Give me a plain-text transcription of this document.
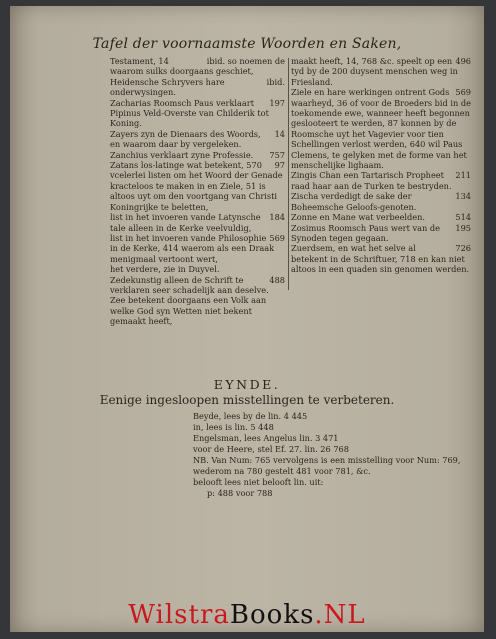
Tafel der voornaamste Woorden en Saken,
ibid. so noemen de
Testament, 14 waarom sulks doorgaans geschiet,
ibid.
Heidensche Schryvers hare onderwysingen.
197
Zacharias Roomsch Paus verklaart Pipinus Veld-Overste van Childerik tot Koning.
14
Zayers zyn de Dienaars des Woords, en waarom daar by vergeleken.
757
Zanchius verklaart zyne Professie.
97
Zatans los-latinge wat betekent, 570 vcelerlei listen om het Woord der Genade kracteloos te maken in en Ziele, 51 is altoos uyt om den voortgang van Christi Koningrijke te beletten,
184
list in het invoeren vande Latynsche tale alleen in de Kerke veelvuldig,
569
list in het invoeren vande Philosophie in de Kerke, 414 waerom als een Draak menigmaal vertoont wert,
het verdere, zie in Duyvel.
488
Zedekunstig alleen de Schrift te verklaren seer schadelijk aan deselve.
Zee betekent doorgaans een Volk aan welke God syn Wetten niet bekent gemaakt heeft,
496
maakt heeft, 14, 768 &c. speelt op een tyd by de 200 duysent menschen weg in Friesland.
569
Ziele en hare werkingen ontrent Gods waarheyd, 36 of voor de Broeders bid in de toekomende ewe, wanneer heeft begonnen geslooteert te werden, 87 konnen by de Roomsche uyt het Vagevier voor tien Schellingen verlost werden, 640 wil Paus Clemens, te gelyken met de forme van het menschelijke lighaam.
211
Zingis Chan een Tartarisch Propheet raad haar aan de Turken te bestryden.
134
Zischa verdedigt de sake der Boheemsche Geloofs-genoten.
514
Zonne en Mane wat verbeelden.
195
Zosimus Roomsch Paus wert van de Synoden tegen gegaan.
726
Zuerdsem, en wat het selve al betekent in de Schriftuer, 718 en kan niet altoos in een quaden sin genomen werden.
EYNDE.
Eenige ingesloopen misstellingen te verbeteren.
Beyde, lees by de lin. 4 445
in, lees is lin. 5 448
Engelsman, lees Angelus lin. 3 471
voor de Heere, stel Ef. 27. lin. 26 768
NB. Van Num: 765 vervolgens is een misstelling voor Num: 769, wederom na 780 gestelt 481 voor 781, &c.
belooft lees niet belooft lin. uit:
p: 488 voor 788
WilstraBooks.NL
